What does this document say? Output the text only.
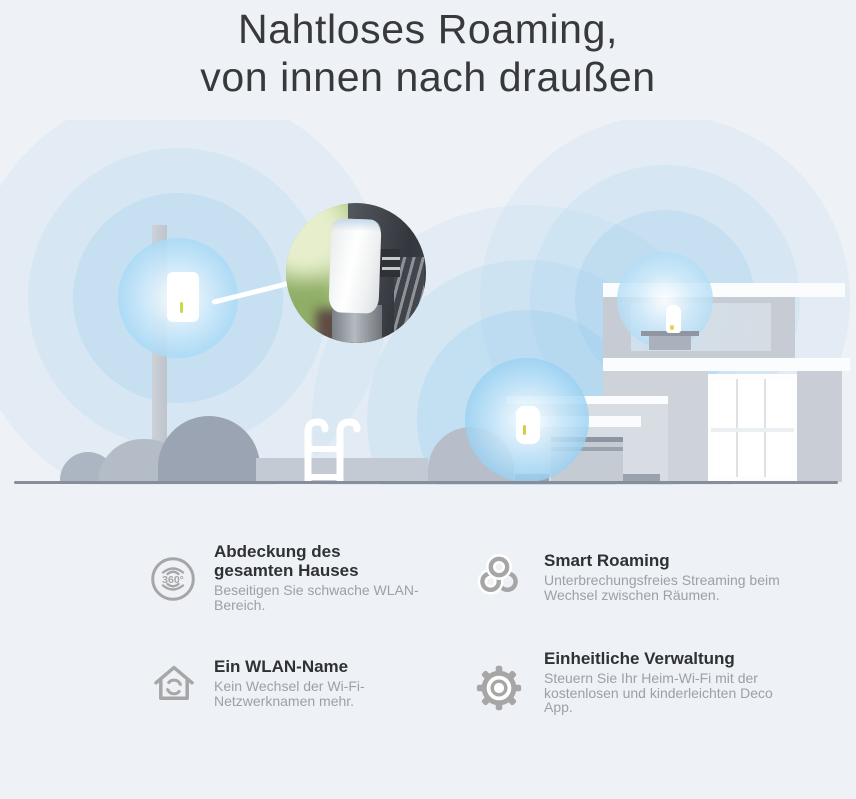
Nahtloses Roaming,
von innen nach draußen
360°
Abdeckung des
gesamten Hauses
Beseitigen Sie schwache WLAN-
Bereich.
Smart Roaming
Unterbrechungsfreies Streaming beim
Wechsel zwischen Räumen.
Ein WLAN-Name
Kein Wechsel der Wi-Fi-
Netzwerknamen mehr.
Einheitliche Verwaltung
Steuern Sie Ihr Heim-Wi-Fi mit der
kostenlosen und kinderleichten Deco
App.
